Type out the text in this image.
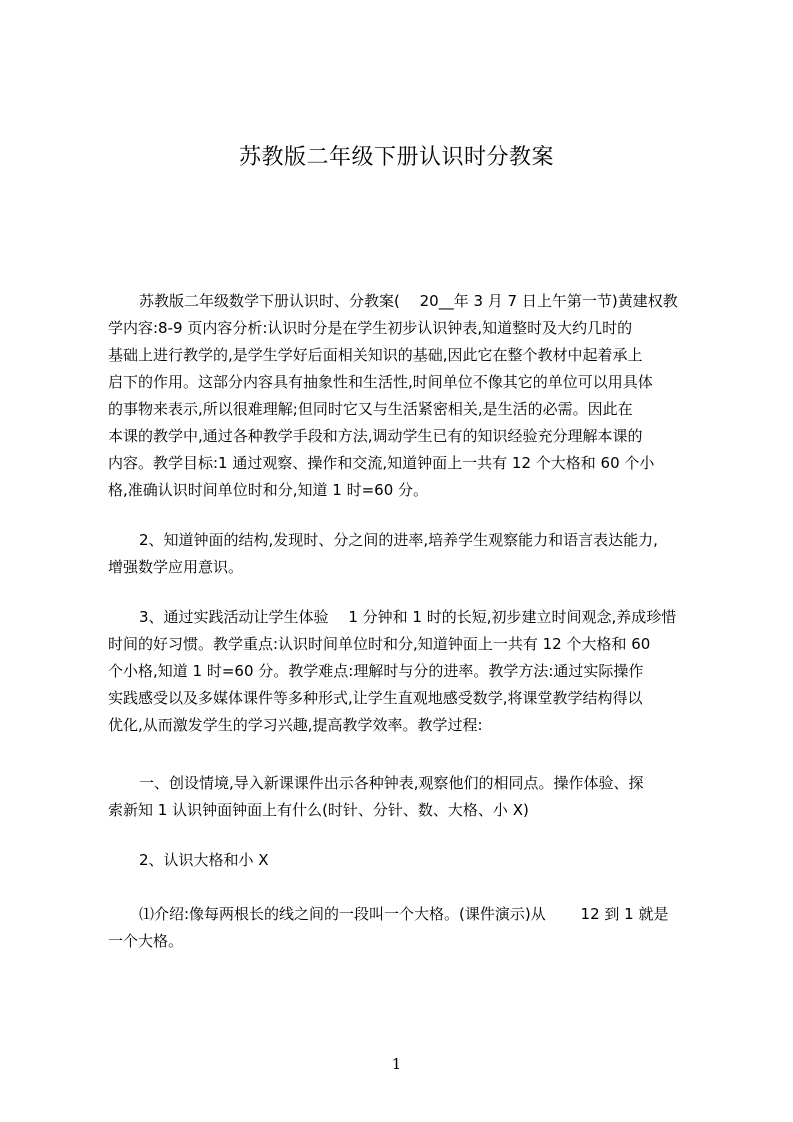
苏教版二年级下册认识时分教案
苏教版二年级数学下册认识时、分教案(　 20__年 3 月 7 日上午第一节)黄建权教
学内容:8-9 页内容分析:认识时分是在学生初步认识钟表,知道整时及大约几时的
基础上进行教学的,是学生学好后面相关知识的基础,因此它在整个教材中起着承上
启下的作用。这部分内容具有抽象性和生活性,时间单位不像其它的单位可以用具体
的事物来表示,所以很难理解;但同时它又与生活紧密相关,是生活的必需。因此在
本课的教学中,通过各种教学手段和方法,调动学生已有的知识经验充分理解本课的
内容。教学目标:1 通过观察、操作和交流,知道钟面上一共有 12 个大格和 60 个小
格,准确认识时间单位时和分,知道 1 时=60 分。
2、知道钟面的结构,发现时、分之间的进率,培养学生观察能力和语言表达能力,
增强数学应用意识。
3、通过实践活动让学生体验　 1 分钟和 1 时的长短,初步建立时间观念,养成珍惜
时间的好习惯。教学重点:认识时间单位时和分,知道钟面上一共有 12 个大格和 60
个小格,知道 1 时=60 分。教学难点:理解时与分的进率。教学方法:通过实际操作
实践感受以及多媒体课件等多种形式,让学生直观地感受数学,将课堂教学结构得以
优化,从而激发学生的学习兴趣,提高教学效率。教学过程:
一、创设情境,导入新课课件出示各种钟表,观察他们的相同点。操作体验、探
索新知 1 认识钟面钟面上有什么(时针、分针、数、大格、小 X)
2、认识大格和小 X
⑴介绍:像每两根长的线之间的一段叫一个大格。(课件演示)从　　 12 到 1 就是
一个大格。
1
